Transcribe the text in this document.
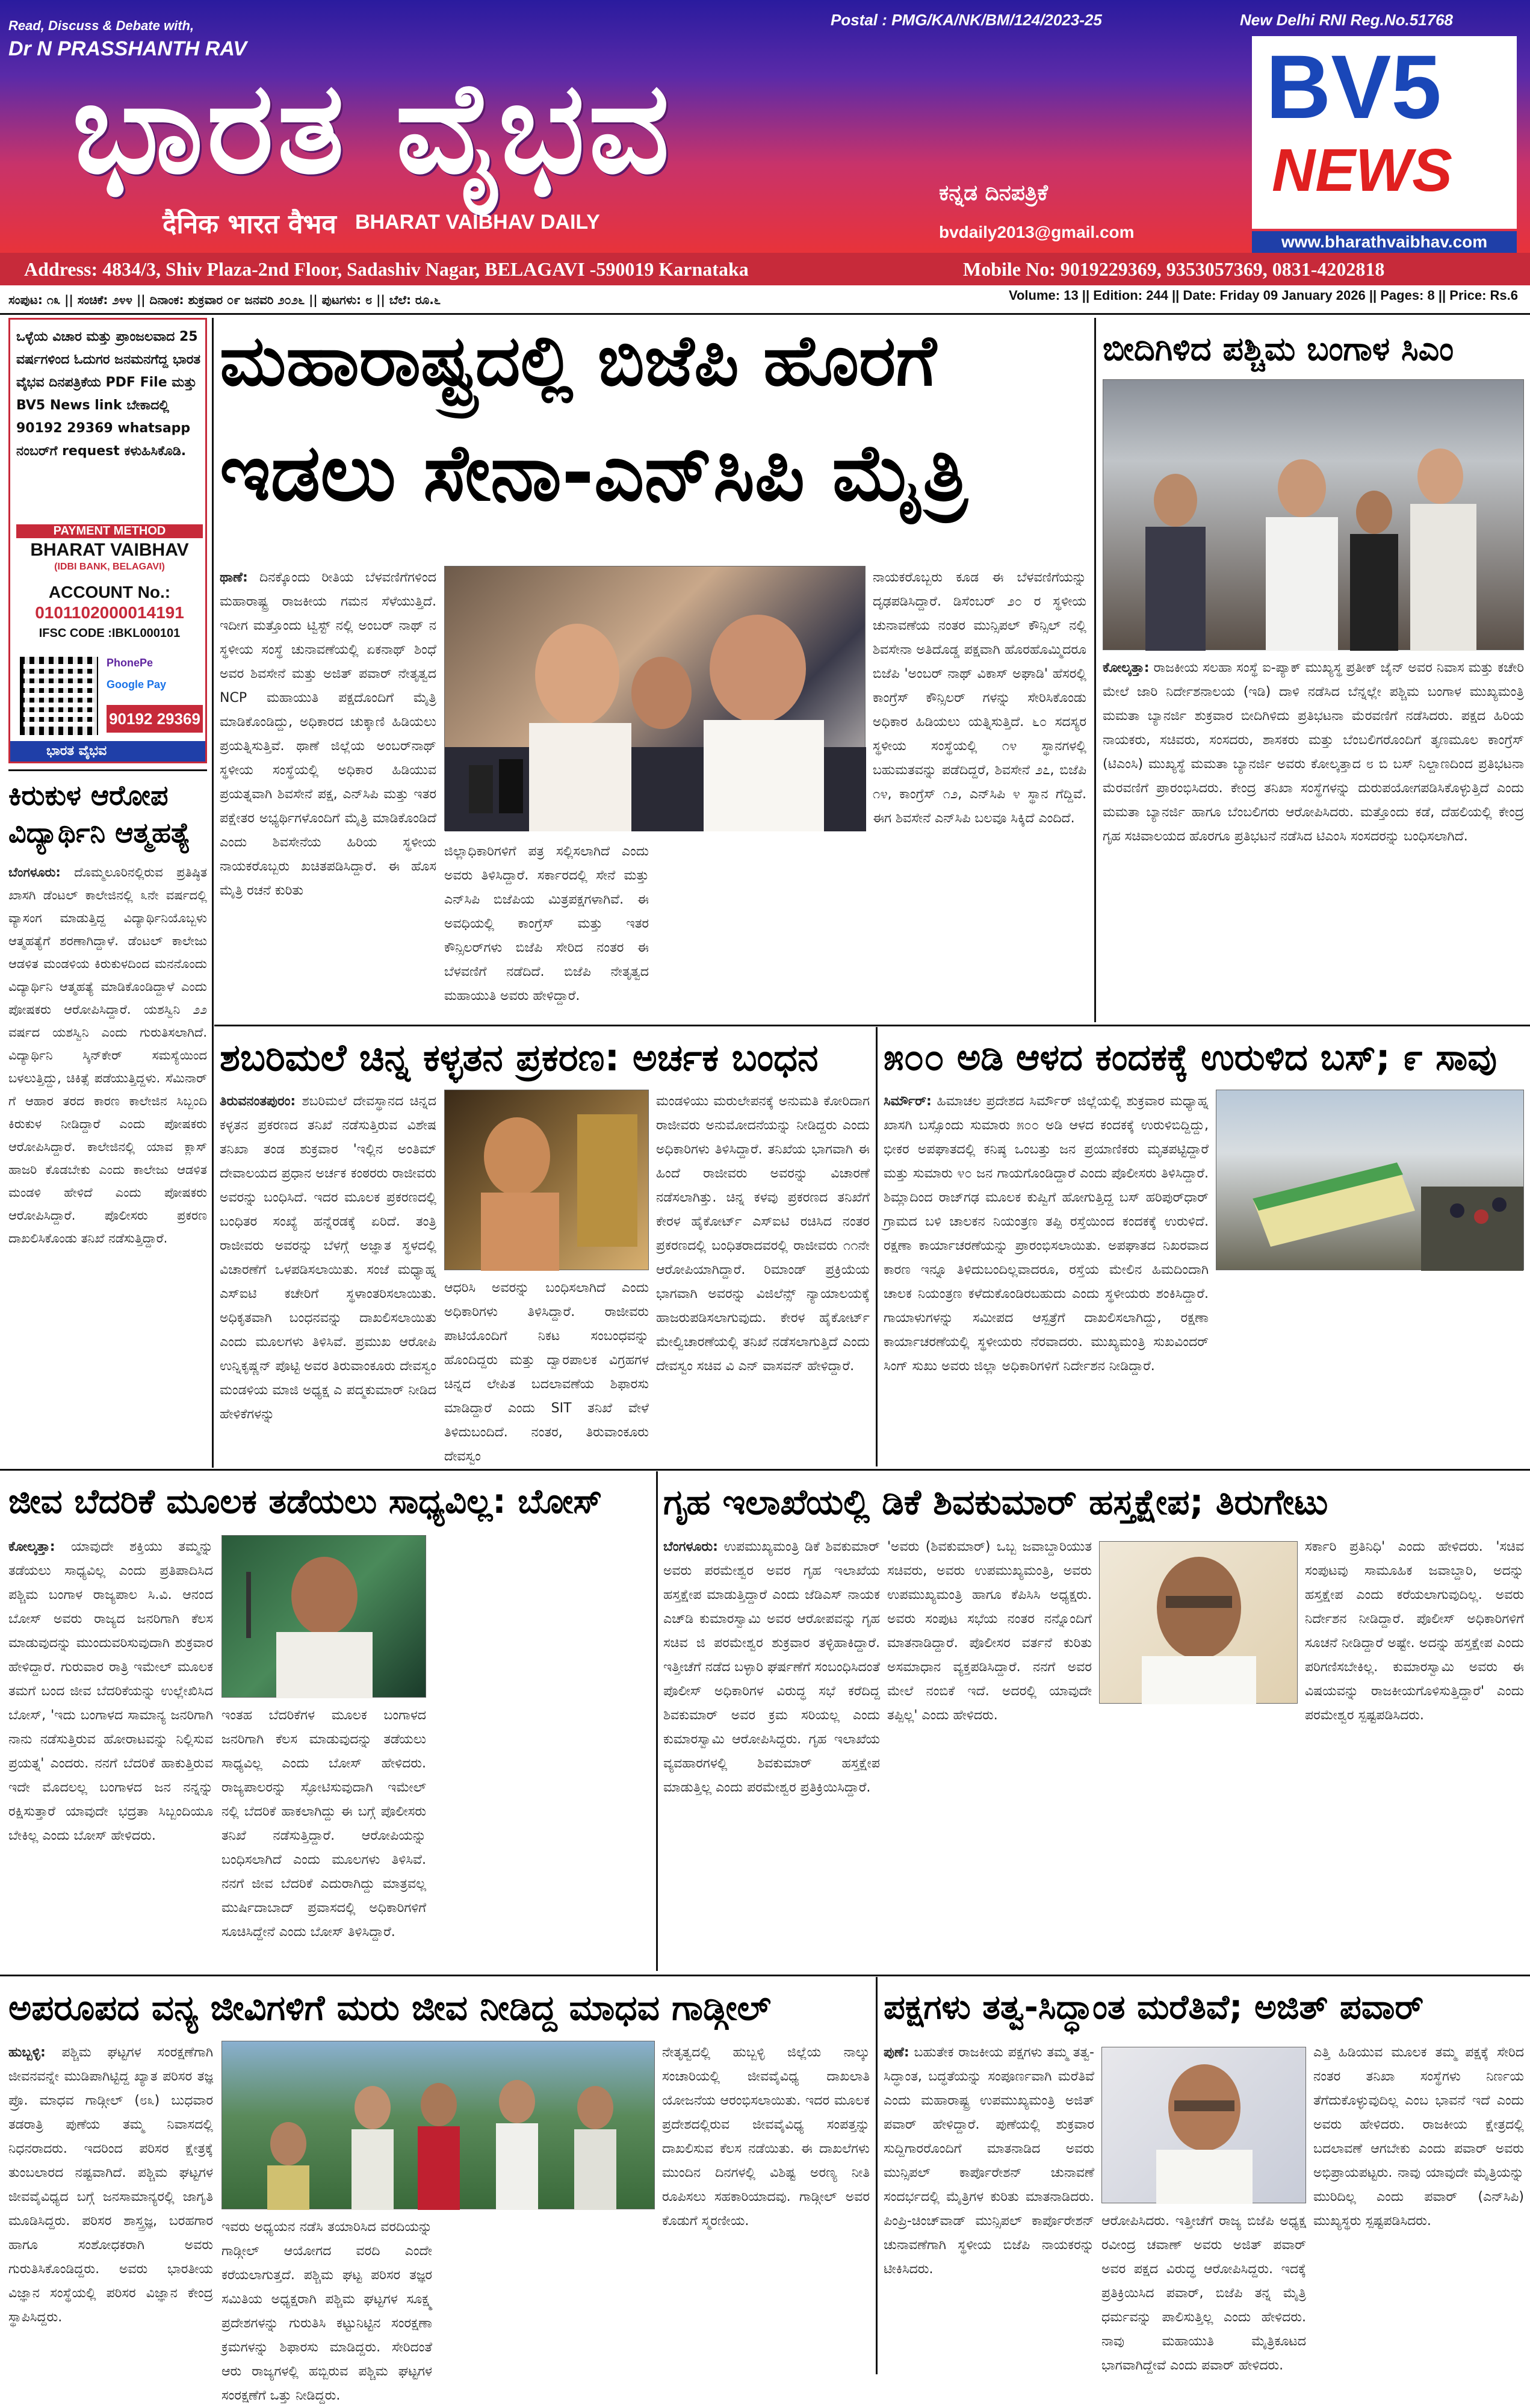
Read, Discuss & Debate with,
Dr N PRASSHANTH RAV
Postal : PMG/KA/NK/BM/124/2023-25	New Delhi RNI Reg.No.51768
ಭಾರತ ವೈಭವ
दैनिक भारत वैभव BHARAT VAIBHAV DAILY
ಕನ್ನಡ ದಿನಪತ್ರಿಕೆ
bvdaily2013@gmail.com
BV5
NEWS
www.bharathvaibhav.com
Address: 4834/3, Shiv Plaza-2nd Floor, Sadashiv Nagar, BELAGAVI -590019 Karnataka	Mobile No: 9019229369, 9353057369, 0831-4202818
ಸಂಪುಟ: ೧೩ || ಸಂಚಿಕೆ: ೨೪೪ || ದಿನಾಂಕ: ಶುಕ್ರವಾರ ೦೯ ಜನವರಿ ೨೦೨೬ || ಪುಟಗಳು: ೮ || ಬೆಲೆ: ರೂ.೬	Volume: 13 || Edition: 244 || Date: Friday 09 January 2026 || Pages: 8 || Price: Rs.6
ಒಳ್ಳೆಯ ವಿಚಾರ ಮತ್ತು ಪ್ರಾಂಜಲವಾದ 25 ವರ್ಷಗಳಿಂದ ಓದುಗರ ಜನಮನಗೆದ್ದ ಭಾರತ ವೈಭವ ದಿನಪತ್ರಿಕೆಯ PDF File ಮತ್ತು BV5 News link ಬೇಕಾದಲ್ಲಿ 90192 29369 whatsapp ನಂಬರ್‌ಗೆ request ಕಳುಹಿಸಿಕೊಡಿ.
PAYMENT METHOD
BHARAT VAIBHAV
(IDBI BANK, BELAGAVI)
ACCOUNT No.:
0101102000014191
IFSC CODE :IBKL000101
PhonePe
Google Pay
90192 29369
ಭಾರತ ವೈಭವ
ಕಿರುಕುಳ ಆರೋಪ ವಿದ್ಯಾರ್ಥಿನಿ ಆತ್ಮಹತ್ಯೆ
ಬೆಂಗಳೂರು: ದೊಮ್ಮಲೂರಿನಲ್ಲಿರುವ ಪ್ರತಿಷ್ಠಿತ ಖಾಸಗಿ ಡೆಂಟಲ್ ಕಾಲೇಜಿನಲ್ಲಿ ೩ನೇ ವರ್ಷದಲ್ಲಿ ವ್ಯಾಸಂಗ ಮಾಡುತ್ತಿದ್ದ ವಿದ್ಯಾರ್ಥಿನಿಯೊಬ್ಬಳು ಆತ್ಮಹತ್ಯೆಗೆ ಶರಣಾಗಿದ್ದಾಳೆ. ಡೆಂಟಲ್ ಕಾಲೇಜು ಆಡಳಿತ ಮಂಡಳಿಯ ಕಿರುಕುಳದಿಂದ ಮನನೊಂದು ವಿದ್ಯಾರ್ಥಿನಿ ಆತ್ಮಹತ್ಯೆ ಮಾಡಿಕೊಂಡಿದ್ದಾಳೆ ಎಂದು ಪೋಷಕರು ಆರೋಪಿಸಿದ್ದಾರೆ. ಯಶಸ್ವಿನಿ ೨೨ ವರ್ಷದ ಯಶಸ್ವಿನಿ ಎಂದು ಗುರುತಿಸಲಾಗಿದೆ. ವಿದ್ಯಾರ್ಥಿನಿ ಸ್ಕಿನ್‌ಕೇರ್ ಸಮಸ್ಯೆಯಿಂದ ಬಳಲುತ್ತಿದ್ದು, ಚಿಕಿತ್ಸೆ ಪಡೆಯುತ್ತಿದ್ದಳು. ಸೆಮಿನಾರ್ ಗೆ ಆಹಾರ ತರದ ಕಾರಣ ಕಾಲೇಜಿನ ಸಿಬ್ಬಂದಿ ಕಿರುಕುಳ ನೀಡಿದ್ದಾರೆ ಎಂದು ಪೋಷಕರು ಆರೋಪಿಸಿದ್ದಾರೆ. ಕಾಲೇಜಿನಲ್ಲಿ ಯಾವ ಕ್ಲಾಸ್ ಹಾಜರಿ ಕೊಡಬೇಕು ಎಂದು ಕಾಲೇಜು ಆಡಳಿತ ಮಂಡಳಿ ಹೇಳಿದೆ ಎಂದು ಪೋಷಕರು ಆರೋಪಿಸಿದ್ದಾರೆ. ಪೊಲೀಸರು ಪ್ರಕರಣ ದಾಖಲಿಸಿಕೊಂಡು ತನಿಖೆ ನಡೆಸುತ್ತಿದ್ದಾರೆ.
ಮಹಾರಾಷ್ಟ್ರದಲ್ಲಿ ಬಿಜೆಪಿ ಹೊರಗೆ
ಇಡಲು ಸೇನಾ-ಎನ್‌ಸಿಪಿ ಮೈತ್ರಿ
ಥಾಣೆ: ದಿನಕ್ಕೊಂದು ರೀತಿಯ ಬೆಳವಣಿಗೆಗಳಿಂದ ಮಹಾರಾಷ್ಟ್ರ ರಾಜಕೀಯ ಗಮನ ಸೆಳೆಯುತ್ತಿದೆ. ಇದೀಗ ಮತ್ತೊಂದು ಟ್ವಿಸ್ಟ್ ನಲ್ಲಿ ಅಂಬರ್ ನಾಥ್ ನ ಸ್ಥಳೀಯ ಸಂಸ್ಥೆ ಚುನಾವಣೆಯಲ್ಲಿ ಏಕನಾಥ್ ಶಿಂಧೆ ಅವರ ಶಿವಸೇನೆ ಮತ್ತು ಅಜಿತ್ ಪವಾರ್ ನೇತೃತ್ವದ NCP ಮಹಾಯುತಿ ಪಕ್ಷದೊಂದಿಗೆ ಮೈತ್ರಿ ಮಾಡಿಕೊಂಡಿದ್ದು, ಅಧಿಕಾರದ ಚುಕ್ಕಾಣಿ ಹಿಡಿಯಲು ಪ್ರಯತ್ನಿಸುತ್ತಿವೆ. ಥಾಣೆ ಜಿಲ್ಲೆಯ ಅಂಬರ್‌ನಾಥ್ ಸ್ಥಳೀಯ ಸಂಸ್ಥೆಯಲ್ಲಿ ಅಧಿಕಾರ ಹಿಡಿಯುವ ಪ್ರಯತ್ನವಾಗಿ ಶಿವಸೇನೆ ಪಕ್ಷ, ಎನ್‌ಸಿಪಿ ಮತ್ತು ಇತರ ಪಕ್ಷೇತರ ಅಭ್ಯರ್ಥಿಗಳೊಂದಿಗೆ ಮೈತ್ರಿ ಮಾಡಿಕೊಂಡಿದೆ ಎಂದು ಶಿವಸೇನೆಯ ಹಿರಿಯ ಸ್ಥಳೀಯ ನಾಯಕರೊಬ್ಬರು ಖಚಿತಪಡಿಸಿದ್ದಾರೆ. ಈ ಹೊಸ ಮೈತ್ರಿ ರಚನೆ ಕುರಿತು
ಜಿಲ್ಲಾಧಿಕಾರಿಗಳಿಗೆ ಪತ್ರ ಸಲ್ಲಿಸಲಾಗಿದೆ ಎಂದು ಅವರು ತಿಳಿಸಿದ್ದಾರೆ. ಸರ್ಕಾರದಲ್ಲಿ ಸೇನೆ ಮತ್ತು ಎನ್‌ಸಿಪಿ ಬಿಜೆಪಿಯ ಮಿತ್ರಪಕ್ಷಗಳಾಗಿವೆ. ಈ ಅವಧಿಯಲ್ಲಿ ಕಾಂಗ್ರೆಸ್ ಮತ್ತು ಇತರ ಕೌನ್ಸಿಲರ್‌ಗಳು ಬಿಜೆಪಿ ಸೇರಿದ ನಂತರ ಈ ಬೆಳವಣಿಗೆ ನಡೆದಿದೆ. ಬಿಜೆಪಿ ನೇತೃತ್ವದ ಮಹಾಯುತಿ ಅವರು ಹೇಳಿದ್ದಾರೆ.
ನಾಯಕರೊಬ್ಬರು ಕೂಡ ಈ ಬೆಳವಣಿಗೆಯನ್ನು ದೃಢಪಡಿಸಿದ್ದಾರೆ. ಡಿಸೆಂಬರ್ ೨೦ ರ ಸ್ಥಳೀಯ ಚುನಾವಣೆಯ ನಂತರ ಮುನ್ಸಿಪಲ್ ಕೌನ್ಸಿಲ್ ನಲ್ಲಿ ಶಿವಸೇನಾ ಅತಿದೊಡ್ಡ ಪಕ್ಷವಾಗಿ ಹೊರಹೊಮ್ಮಿದರೂ ಬಿಜೆಪಿ 'ಅಂಬರ್ ನಾಥ್ ವಿಕಾಸ್ ಅಘಾಡಿ' ಹೆಸರಲ್ಲಿ ಕಾಂಗ್ರೆಸ್ ಕೌನ್ಸಿಲರ್ ಗಳನ್ನು ಸೇರಿಸಿಕೊಂಡು ಅಧಿಕಾರ ಹಿಡಿಯಲು ಯತ್ನಿಸುತ್ತಿದೆ. ೬೦ ಸದಸ್ಯರ ಸ್ಥಳೀಯ ಸಂಸ್ಥೆಯಲ್ಲಿ ೧೪ ಸ್ಥಾನಗಳಲ್ಲಿ ಬಹುಮತವನ್ನು ಪಡೆದಿದ್ದರೆ, ಶಿವಸೇನೆ ೨೭, ಬಿಜೆಪಿ ೧೪, ಕಾಂಗ್ರೆಸ್ ೧೨, ಎನ್‌ಸಿಪಿ ೪ ಸ್ಥಾನ ಗೆದ್ದಿವೆ. ಈಗ ಶಿವಸೇನೆ ಎನ್‌ಸಿಪಿ ಬಲವೂ ಸಿಕ್ಕಿದೆ ಎಂದಿದೆ.
ಬೀದಿಗಿಳಿದ ಪಶ್ಚಿಮ ಬಂಗಾಳ ಸಿಎಂ
ಕೋಲ್ಕತ್ತಾ: ರಾಜಕೀಯ ಸಲಹಾ ಸಂಸ್ಥೆ ಐ-ಪ್ಯಾಕ್ ಮುಖ್ಯಸ್ಥ ಪ್ರತೀಕ್ ಜೈನ್ ಅವರ ನಿವಾಸ ಮತ್ತು ಕಚೇರಿ ಮೇಲೆ ಜಾರಿ ನಿರ್ದೇಶನಾಲಯ (ಇಡಿ) ದಾಳಿ ನಡೆಸಿದ ಬೆನ್ನಲ್ಲೇ ಪಶ್ಚಿಮ ಬಂಗಾಳ ಮುಖ್ಯಮಂತ್ರಿ ಮಮತಾ ಬ್ಯಾನರ್ಜಿ ಶುಕ್ರವಾರ ಬೀದಿಗಿಳಿದು ಪ್ರತಿಭಟನಾ ಮೆರವಣಿಗೆ ನಡೆಸಿದರು. ಪಕ್ಷದ ಹಿರಿಯ ನಾಯಕರು, ಸಚಿವರು, ಸಂಸದರು, ಶಾಸಕರು ಮತ್ತು ಬೆಂಬಲಿಗರೊಂದಿಗೆ ತೃಣಮೂಲ ಕಾಂಗ್ರೆಸ್ (ಟಿಎಂಸಿ) ಮುಖ್ಯಸ್ಥೆ ಮಮತಾ ಬ್ಯಾನರ್ಜಿ ಅವರು ಕೋಲ್ಕತ್ತಾದ ೮ ಬಿ ಬಸ್ ನಿಲ್ದಾಣದಿಂದ ಪ್ರತಿಭಟನಾ ಮೆರವಣಿಗೆ ಪ್ರಾರಂಭಿಸಿದರು. ಕೇಂದ್ರ ತನಿಖಾ ಸಂಸ್ಥೆಗಳನ್ನು ದುರುಪಯೋಗಪಡಿಸಿಕೊಳ್ಳುತ್ತಿದೆ ಎಂದು ಮಮತಾ ಬ್ಯಾನರ್ಜಿ ಹಾಗೂ ಬೆಂಬಲಿಗರು ಆರೋಪಿಸಿದರು. ಮತ್ತೊಂದು ಕಡೆ, ದೆಹಲಿಯಲ್ಲಿ ಕೇಂದ್ರ ಗೃಹ ಸಚಿವಾಲಯದ ಹೊರಗೂ ಪ್ರತಿಭಟನೆ ನಡೆಸಿದ ಟಿಎಂಸಿ ಸಂಸದರನ್ನು ಬಂಧಿಸಲಾಗಿದೆ.
ಶಬರಿಮಲೆ ಚಿನ್ನ ಕಳ್ಳತನ ಪ್ರಕರಣ: ಅರ್ಚಕ ಬಂಧನ
ತಿರುವನಂತಪುರಂ: ಶಬರಿಮಲೆ ದೇವಸ್ಥಾನದ ಚಿನ್ನದ ಕಳ್ಳತನ ಪ್ರಕರಣದ ತನಿಖೆ ನಡೆಸುತ್ತಿರುವ ವಿಶೇಷ ತನಿಖಾ ತಂಡ ಶುಕ್ರವಾರ 'ಇಲ್ಲಿನ ಅಂತಿಮ್ ದೇವಾಲಯದ ಪ್ರಧಾನ ಅರ್ಚಕ ಕಂಠರರು ರಾಜೀವರು ಅವರನ್ನು ಬಂಧಿಸಿದೆ. ಇದರ ಮೂಲಕ ಪ್ರಕರಣದಲ್ಲಿ ಬಂಧಿತರ ಸಂಖ್ಯೆ ಹನ್ನೆರಡಕ್ಕೆ ಏರಿದೆ. ತಂತ್ರಿ ರಾಜೀವರು ಅವರನ್ನು ಬೆಳಗ್ಗೆ ಅಜ್ಞಾತ ಸ್ಥಳದಲ್ಲಿ ವಿಚಾರಣೆಗೆ ಒಳಪಡಿಸಲಾಯಿತು. ಸಂಜೆ ಮಧ್ಯಾಹ್ನ ಎಸ್‌ಐಟಿ ಕಚೇರಿಗೆ ಸ್ಥಳಾಂತರಿಸಲಾಯಿತು. ಅಧಿಕೃತವಾಗಿ ಬಂಧನವನ್ನು ದಾಖಲಿಸಲಾಯಿತು ಎಂದು ಮೂಲಗಳು ತಿಳಿಸಿವೆ. ಪ್ರಮುಖ ಆರೋಪಿ ಉನ್ನಿಕೃಷ್ಣನ್ ಪೊಟ್ಟಿ ಅವರ ತಿರುವಾಂಕೂರು ದೇವಸ್ವಂ ಮಂಡಳಿಯ ಮಾಜಿ ಅಧ್ಯಕ್ಷ ಎ ಪದ್ಮಕುಮಾರ್ ನೀಡಿದ ಹೇಳಿಕೆಗಳನ್ನು
ಆಧರಿಸಿ ಅವರನ್ನು ಬಂಧಿಸಲಾಗಿದೆ ಎಂದು ಅಧಿಕಾರಿಗಳು ತಿಳಿಸಿದ್ದಾರೆ. ರಾಜೀವರು ಪಾಟಿಯೊಂದಿಗೆ ನಿಕಟ ಸಂಬಂಧವನ್ನು ಹೊಂದಿದ್ದರು ಮತ್ತು ದ್ವಾರಪಾಲಕ ವಿಗ್ರಹಗಳ ಚಿನ್ನದ ಲೇಪಿತ ಬದಲಾವಣೆಯ ಶಿಫಾರಸು ಮಾಡಿದ್ದಾರೆ ಎಂದು SIT ತನಿಖೆ ವೇಳೆ ತಿಳಿದುಬಂದಿದೆ. ನಂತರ, ತಿರುವಾಂಕೂರು ದೇವಸ್ವಂ
ಮಂಡಳಿಯು ಮರುಲೇಪನಕ್ಕೆ ಅನುಮತಿ ಕೋರಿದಾಗ ರಾಜೀವರು ಅನುಮೋದನೆಯನ್ನು ನೀಡಿದ್ದರು ಎಂದು ಅಧಿಕಾರಿಗಳು ತಿಳಿಸಿದ್ದಾರೆ. ತನಿಖೆಯ ಭಾಗವಾಗಿ ಈ ಹಿಂದೆ ರಾಜೀವರು ಅವರನ್ನು ವಿಚಾರಣೆ ನಡೆಸಲಾಗಿತ್ತು. ಚಿನ್ನ ಕಳವು ಪ್ರಕರಣದ ತನಿಖೆಗೆ ಕೇರಳ ಹೈಕೋರ್ಟ್ ಎಸ್‌ಐಟಿ ರಚಿಸಿದ ನಂತರ ಪ್ರಕರಣದಲ್ಲಿ ಬಂಧಿತರಾದವರಲ್ಲಿ ರಾಜೀವರು ೧೧ನೇ ಆರೋಪಿಯಾಗಿದ್ದಾರೆ. ರಿಮಾಂಡ್ ಪ್ರಕ್ರಿಯೆಯ ಭಾಗವಾಗಿ ಅವರನ್ನು ವಿಜಿಲೆನ್ಸ್ ನ್ಯಾಯಾಲಯಕ್ಕೆ ಹಾಜರುಪಡಿಸಲಾಗುವುದು. ಕೇರಳ ಹೈಕೋರ್ಟ್ ಮೇಲ್ವಿಚಾರಣೆಯಲ್ಲಿ ತನಿಖೆ ನಡೆಸಲಾಗುತ್ತಿದೆ ಎಂದು ದೇವಸ್ವಂ ಸಚಿವ ವಿ ಎನ್ ವಾಸವನ್ ಹೇಳಿದ್ದಾರೆ.
೫೦೦ ಅಡಿ ಆಳದ ಕಂದಕಕ್ಕೆ ಉರುಳಿದ ಬಸ್; ೯ ಸಾವು
ಸಿರ್ಮೌರ್: ಹಿಮಾಚಲ ಪ್ರದೇಶದ ಸಿರ್ಮೌರ್ ಜಿಲ್ಲೆಯಲ್ಲಿ ಶುಕ್ರವಾರ ಮಧ್ಯಾಹ್ನ ಖಾಸಗಿ ಬಸ್ಸೊಂದು ಸುಮಾರು ೫೦೦ ಅಡಿ ಆಳದ ಕಂದಕಕ್ಕೆ ಉರುಳಿಬಿದ್ದಿದ್ದು, ಭೀಕರ ಅಪಘಾತದಲ್ಲಿ ಕನಿಷ್ಠ ಒಂಬತ್ತು ಜನ ಪ್ರಯಾಣಿಕರು ಮೃತಪಟ್ಟಿದ್ದಾರೆ ಮತ್ತು ಸುಮಾರು ೪೦ ಜನ ಗಾಯಗೊಂಡಿದ್ದಾರೆ ಎಂದು ಪೊಲೀಸರು ತಿಳಿಸಿದ್ದಾರೆ. ಶಿಮ್ಲಾದಿಂದ ರಾಜ್‌ಗಢ ಮೂಲಕ ಕುಪ್ವಿಗೆ ಹೋಗುತ್ತಿದ್ದ ಬಸ್ ಹರಿಪುರ್‌ಧಾರ್ ಗ್ರಾಮದ ಬಳಿ ಚಾಲಕನ ನಿಯಂತ್ರಣ ತಪ್ಪಿ ರಸ್ತೆಯಿಂದ ಕಂದಕಕ್ಕೆ ಉರುಳಿದೆ. ರಕ್ಷಣಾ ಕಾರ್ಯಾಚರಣೆಯನ್ನು ಪ್ರಾರಂಭಿಸಲಾಯಿತು. ಅಪಘಾತದ ನಿಖರವಾದ ಕಾರಣ ಇನ್ನೂ ತಿಳಿದುಬಂದಿಲ್ಲವಾದರೂ, ರಸ್ತೆಯ ಮೇಲಿನ ಹಿಮದಿಂದಾಗಿ ಚಾಲಕ ನಿಯಂತ್ರಣ ಕಳೆದುಕೊಂಡಿರಬಹುದು ಎಂದು ಸ್ಥಳೀಯರು ಶಂಕಿಸಿದ್ದಾರೆ. ಗಾಯಾಳುಗಳನ್ನು ಸಮೀಪದ ಆಸ್ಪತ್ರೆಗೆ ದಾಖಲಿಸಲಾಗಿದ್ದು, ರಕ್ಷಣಾ ಕಾರ್ಯಾಚರಣೆಯಲ್ಲಿ ಸ್ಥಳೀಯರು ನೆರವಾದರು. ಮುಖ್ಯಮಂತ್ರಿ ಸುಖವಿಂದರ್ ಸಿಂಗ್ ಸುಖು ಅವರು ಜಿಲ್ಲಾ ಅಧಿಕಾರಿಗಳಿಗೆ ನಿರ್ದೇಶನ ನೀಡಿದ್ದಾರೆ.
ಜೀವ ಬೆದರಿಕೆ ಮೂಲಕ ತಡೆಯಲು ಸಾಧ್ಯವಿಲ್ಲ: ಬೋಸ್
ಕೋಲ್ಕತ್ತಾ: ಯಾವುದೇ ಶಕ್ತಿಯು ತಮ್ಮನ್ನು ತಡೆಯಲು ಸಾಧ್ಯವಿಲ್ಲ ಎಂದು ಪ್ರತಿಪಾದಿಸಿದ ಪಶ್ಚಿಮ ಬಂಗಾಳ ರಾಜ್ಯಪಾಲ ಸಿ.ವಿ. ಆನಂದ ಬೋಸ್ ಅವರು ರಾಜ್ಯದ ಜನರಿಗಾಗಿ ಕೆಲಸ ಮಾಡುವುದನ್ನು ಮುಂದುವರಿಸುವುದಾಗಿ ಶುಕ್ರವಾರ ಹೇಳಿದ್ದಾರೆ. ಗುರುವಾರ ರಾತ್ರಿ ಇಮೇಲ್ ಮೂಲಕ ತಮಗೆ ಬಂದ ಜೀವ ಬೆದರಿಕೆಯನ್ನು ಉಲ್ಲೇಖಿಸಿದ ಬೋಸ್, 'ಇದು ಬಂಗಾಳದ ಸಾಮಾನ್ಯ ಜನರಿಗಾಗಿ ನಾನು ನಡೆಸುತ್ತಿರುವ ಹೋರಾಟವನ್ನು ನಿಲ್ಲಿಸುವ ಪ್ರಯತ್ನ' ಎಂದರು. ನನಗೆ ಬೆದರಿಕೆ ಹಾಕುತ್ತಿರುವ ಇದೇ ಮೊದಲಲ್ಲ ಬಂಗಾಳದ ಜನ ನನ್ನನ್ನು ರಕ್ಷಿಸುತ್ತಾರೆ ಯಾವುದೇ ಭದ್ರತಾ ಸಿಬ್ಬಂದಿಯೂ ಬೇಕಿಲ್ಲ ಎಂದು ಬೋಸ್ ಹೇಳಿದರು.
ಇಂತಹ ಬೆದರಿಕೆಗಳ ಮೂಲಕ ಬಂಗಾಳದ ಜನರಿಗಾಗಿ ಕೆಲಸ ಮಾಡುವುದನ್ನು ತಡೆಯಲು ಸಾಧ್ಯವಿಲ್ಲ ಎಂದು ಬೋಸ್ ಹೇಳಿದರು. ರಾಜ್ಯಪಾಲರನ್ನು ಸ್ಫೋಟಿಸುವುದಾಗಿ ಇಮೇಲ್ ನಲ್ಲಿ ಬೆದರಿಕೆ ಹಾಕಲಾಗಿದ್ದು ಈ ಬಗ್ಗೆ ಪೊಲೀಸರು ತನಿಖೆ ನಡೆಸುತ್ತಿದ್ದಾರೆ. ಆರೋಪಿಯನ್ನು ಬಂಧಿಸಲಾಗಿದೆ ಎಂದು ಮೂಲಗಳು ತಿಳಿಸಿವೆ. ನನಗೆ ಜೀವ ಬೆದರಿಕೆ ಎದುರಾಗಿದ್ದು ಮಾತ್ರವಲ್ಲ ಮುರ್ಷಿದಾಬಾದ್ ಪ್ರವಾಸದಲ್ಲಿ ಅಧಿಕಾರಿಗಳಿಗೆ ಸೂಚಿಸಿದ್ದೇನೆ ಎಂದು ಬೋಸ್ ತಿಳಿಸಿದ್ದಾರೆ.
ಗೃಹ ಇಲಾಖೆಯಲ್ಲಿ ಡಿಕೆ ಶಿವಕುಮಾರ್ ಹಸ್ತಕ್ಷೇಪ; ತಿರುಗೇಟು
ಬೆಂಗಳೂರು: ಉಪಮುಖ್ಯಮಂತ್ರಿ ಡಿಕೆ ಶಿವಕುಮಾರ್ ಅವರು ಪರಮೇಶ್ವರ ಅವರ ಗೃಹ ಇಲಾಖೆಯ ಹಸ್ತಕ್ಷೇಪ ಮಾಡುತ್ತಿದ್ದಾರೆ ಎಂದು ಜೆಡಿಎಸ್ ನಾಯಕ ಎಚ್‌ಡಿ ಕುಮಾರಸ್ವಾಮಿ ಅವರ ಆರೋಪವನ್ನು ಗೃಹ ಸಚಿವ ಜಿ ಪರಮೇಶ್ವರ ಶುಕ್ರವಾರ ತಳ್ಳಿಹಾಕಿದ್ದಾರೆ. ಇತ್ತೀಚೆಗೆ ನಡೆದ ಬಳ್ಳಾರಿ ಘರ್ಷಣೆಗೆ ಸಂಬಂಧಿಸಿದಂತೆ ಪೊಲೀಸ್ ಅಧಿಕಾರಿಗಳ ವಿರುದ್ಧ ಸಭೆ ಕರೆದಿದ್ದ ಶಿವಕುಮಾರ್ ಅವರ ಕ್ರಮ ಸರಿಯಲ್ಲ ಎಂದು ಕುಮಾರಸ್ವಾಮಿ ಆರೋಪಿಸಿದ್ದರು. ಗೃಹ ಇಲಾಖೆಯ ವ್ಯವಹಾರಗಳಲ್ಲಿ ಶಿವಕುಮಾರ್ ಹಸ್ತಕ್ಷೇಪ ಮಾಡುತ್ತಿಲ್ಲ ಎಂದು ಪರಮೇಶ್ವರ ಪ್ರತಿಕ್ರಿಯಿಸಿದ್ದಾರೆ.
'ಅವರು (ಶಿವಕುಮಾರ್) ಒಬ್ಬ ಜವಾಬ್ದಾರಿಯುತ ಸಚಿವರು, ಅವರು ಉಪಮುಖ್ಯಮಂತ್ರಿ, ಅವರು ಉಪಮುಖ್ಯಮಂತ್ರಿ ಹಾಗೂ ಕೆಪಿಸಿಸಿ ಅಧ್ಯಕ್ಷರು. ಅವರು ಸಂಪುಟ ಸಭೆಯ ನಂತರ ನನ್ನೊಂದಿಗೆ ಮಾತನಾಡಿದ್ದಾರೆ. ಪೊಲೀಸರ ವರ್ತನೆ ಕುರಿತು ಅಸಮಾಧಾನ ವ್ಯಕ್ತಪಡಿಸಿದ್ದಾರೆ. ನನಗೆ ಅವರ ಮೇಲೆ ನಂಬಿಕೆ ಇದೆ. ಅದರಲ್ಲಿ ಯಾವುದೇ ತಪ್ಪಿಲ್ಲ' ಎಂದು ಹೇಳಿದರು.
ಸರ್ಕಾರಿ ಪ್ರತಿನಿಧಿ' ಎಂದು ಹೇಳಿದರು. 'ಸಚಿವ ಸಂಪುಟವು ಸಾಮೂಹಿಕ ಜವಾಬ್ದಾರಿ, ಅದನ್ನು ಹಸ್ತಕ್ಷೇಪ ಎಂದು ಕರೆಯಲಾಗುವುದಿಲ್ಲ. ಅವರು ನಿರ್ದೇಶನ ನೀಡಿದ್ದಾರೆ. ಪೊಲೀಸ್ ಅಧಿಕಾರಿಗಳಿಗೆ ಸೂಚನೆ ನೀಡಿದ್ದಾರೆ ಅಷ್ಟೇ. ಅದನ್ನು ಹಸ್ತಕ್ಷೇಪ ಎಂದು ಪರಿಗಣಿಸಬೇಕಿಲ್ಲ. ಕುಮಾರಸ್ವಾಮಿ ಅವರು ಈ ವಿಷಯವನ್ನು ರಾಜಕೀಯಗೊಳಿಸುತ್ತಿದ್ದಾರೆ' ಎಂದು ಪರಮೇಶ್ವರ ಸ್ಪಷ್ಟಪಡಿಸಿದರು.
ಅಪರೂಪದ ವನ್ಯ ಜೀವಿಗಳಿಗೆ ಮರು ಜೀವ ನೀಡಿದ್ದ ಮಾಧವ ಗಾಡ್ಗೀಲ್
ಹುಬ್ಬಳ್ಳಿ: ಪಶ್ಚಿಮ ಘಟ್ಟಗಳ ಸಂರಕ್ಷಣೆಗಾಗಿ ಜೀವನವನ್ನೇ ಮುಡಿಪಾಗಿಟ್ಟಿದ್ದ ಖ್ಯಾತ ಪರಿಸರ ತಜ್ಞ ಪ್ರೊ. ಮಾಧವ ಗಾಡ್ಗೀಲ್ (೮೩) ಬುಧವಾರ ತಡರಾತ್ರಿ ಪುಣೆಯ ತಮ್ಮ ನಿವಾಸದಲ್ಲಿ ನಿಧನರಾದರು. ಇದರಿಂದ ಪರಿಸರ ಕ್ಷೇತ್ರಕ್ಕೆ ತುಂಬಲಾರದ ನಷ್ಟವಾಗಿದೆ. ಪಶ್ಚಿಮ ಘಟ್ಟಗಳ ಜೀವವೈವಿಧ್ಯದ ಬಗ್ಗೆ ಜನಸಾಮಾನ್ಯರಲ್ಲಿ ಜಾಗೃತಿ ಮೂಡಿಸಿದ್ದರು. ಪರಿಸರ ಶಾಸ್ತ್ರಜ್ಞ, ಬರಹಗಾರ ಹಾಗೂ ಸಂಶೋಧಕರಾಗಿ ಅವರು ಗುರುತಿಸಿಕೊಂಡಿದ್ದರು. ಅವರು ಭಾರತೀಯ ವಿಜ್ಞಾನ ಸಂಸ್ಥೆಯಲ್ಲಿ ಪರಿಸರ ವಿಜ್ಞಾನ ಕೇಂದ್ರ ಸ್ಥಾಪಿಸಿದ್ದರು.
ಇವರು ಅಧ್ಯಯನ ನಡೆಸಿ ತಯಾರಿಸಿದ ವರದಿಯನ್ನು ಗಾಡ್ಗೀಲ್ ಆಯೋಗದ ವರದಿ ಎಂದೇ ಕರೆಯಲಾಗುತ್ತದೆ. ಪಶ್ಚಿಮ ಘಟ್ಟ ಪರಿಸರ ತಜ್ಞರ ಸಮಿತಿಯ ಅಧ್ಯಕ್ಷರಾಗಿ ಪಶ್ಚಿಮ ಘಟ್ಟಗಳ ಸೂಕ್ಷ್ಮ ಪ್ರದೇಶಗಳನ್ನು ಗುರುತಿಸಿ ಕಟ್ಟುನಿಟ್ಟಿನ ಸಂರಕ್ಷಣಾ ಕ್ರಮಗಳನ್ನು ಶಿಫಾರಸು ಮಾಡಿದ್ದರು. ಸೇರಿದಂತೆ ಆರು ರಾಜ್ಯಗಳಲ್ಲಿ ಹಬ್ಬಿರುವ ಪಶ್ಚಿಮ ಘಟ್ಟಗಳ ಸಂರಕ್ಷಣೆಗೆ ಒತ್ತು ನೀಡಿದ್ದರು.
ನೇತೃತ್ವದಲ್ಲಿ ಹುಬ್ಬಳ್ಳಿ ಜಿಲ್ಲೆಯ ನಾಲ್ಕು ಸಂಚಾರಿಯಲ್ಲಿ ಜೀವವೈವಿಧ್ಯ ದಾಖಲಾತಿ ಯೋಜನೆಯ ಆರಂಭಿಸಲಾಯಿತು. ಇದರ ಮೂಲಕ ಪ್ರದೇಶದಲ್ಲಿರುವ ಜೀವವೈವಿಧ್ಯ ಸಂಪತ್ತನ್ನು ದಾಖಲಿಸುವ ಕೆಲಸ ನಡೆಯಿತು. ಈ ದಾಖಲೆಗಳು ಮುಂದಿನ ದಿನಗಳಲ್ಲಿ ವಿಶಿಷ್ಟ ಅರಣ್ಯ ನೀತಿ ರೂಪಿಸಲು ಸಹಕಾರಿಯಾದವು. ಗಾಡ್ಗೀಲ್ ಅವರ ಕೊಡುಗೆ ಸ್ಮರಣೀಯ.
ಪಕ್ಷಗಳು ತತ್ವ-ಸಿದ್ಧಾಂತ ಮರೆತಿವೆ; ಅಜಿತ್ ಪವಾರ್
ಪುಣೆ: ಬಹುತೇಕ ರಾಜಕೀಯ ಪಕ್ಷಗಳು ತಮ್ಮ ತತ್ವ- ಸಿದ್ಧಾಂತ, ಬದ್ಧತೆಯನ್ನು ಸಂಪೂರ್ಣವಾಗಿ ಮರೆತಿವೆ ಎಂದು ಮಹಾರಾಷ್ಟ್ರ ಉಪಮುಖ್ಯಮಂತ್ರಿ ಅಜಿತ್ ಪವಾರ್ ಹೇಳಿದ್ದಾರೆ. ಪುಣೆಯಲ್ಲಿ ಶುಕ್ರವಾರ ಸುದ್ದಿಗಾರರೊಂದಿಗೆ ಮಾತನಾಡಿದ ಅವರು ಮುನ್ಸಿಪಲ್ ಕಾರ್ಪೊರೇಶನ್ ಚುನಾವಣೆ ಸಂದರ್ಭದಲ್ಲಿ ಮೈತ್ರಿಗಳ ಕುರಿತು ಮಾತನಾಡಿದರು. ಪಿಂಪ್ರಿ-ಚಿಂಚ್‌ವಾಡ್ ಮುನ್ಸಿಪಲ್ ಕಾರ್ಪೊರೇಶನ್ ಚುನಾವಣೆಗಾಗಿ ಸ್ಥಳೀಯ ಬಿಜೆಪಿ ನಾಯಕರನ್ನು ಟೀಕಿಸಿದರು.
ಆರೋಪಿಸಿದರು. ಇತ್ತೀಚೆಗೆ ರಾಜ್ಯ ಬಿಜೆಪಿ ಅಧ್ಯಕ್ಷ ರವೀಂದ್ರ ಚವಾಣ್ ಅವರು ಅಜಿತ್ ಪವಾರ್ ಅವರ ಪಕ್ಷದ ವಿರುದ್ಧ ಆರೋಪಿಸಿದ್ದರು. ಇದಕ್ಕೆ ಪ್ರತಿಕ್ರಿಯಿಸಿದ ಪವಾರ್, ಬಿಜೆಪಿ ತನ್ನ ಮೈತ್ರಿ ಧರ್ಮವನ್ನು ಪಾಲಿಸುತ್ತಿಲ್ಲ ಎಂದು ಹೇಳಿದರು. ನಾವು ಮಹಾಯುತಿ ಮೈತ್ರಿಕೂಟದ ಭಾಗವಾಗಿದ್ದೇವೆ ಎಂದು ಪವಾರ್ ಹೇಳಿದರು.
ಎತ್ತಿ ಹಿಡಿಯುವ ಮೂಲಕ ತಮ್ಮ ಪಕ್ಷಕ್ಕೆ ಸೇರಿದ ನಂತರ ತನಿಖಾ ಸಂಸ್ಥೆಗಳು ನಿರ್ಣಯ ತೆಗೆದುಕೊಳ್ಳುವುದಿಲ್ಲ ಎಂಬ ಭಾವನೆ ಇದೆ ಎಂದು ಅವರು ಹೇಳಿದರು. ರಾಜಕೀಯ ಕ್ಷೇತ್ರದಲ್ಲಿ ಬದಲಾವಣೆ ಆಗಬೇಕು ಎಂದು ಪವಾರ್ ಅವರು ಅಭಿಪ್ರಾಯಪಟ್ಟರು. ನಾವು ಯಾವುದೇ ಮೈತ್ರಿಯನ್ನು ಮುರಿದಿಲ್ಲ ಎಂದು ಪವಾರ್ (ಎನ್‌ಸಿಪಿ) ಮುಖ್ಯಸ್ಥರು ಸ್ಪಷ್ಟಪಡಿಸಿದರು.
